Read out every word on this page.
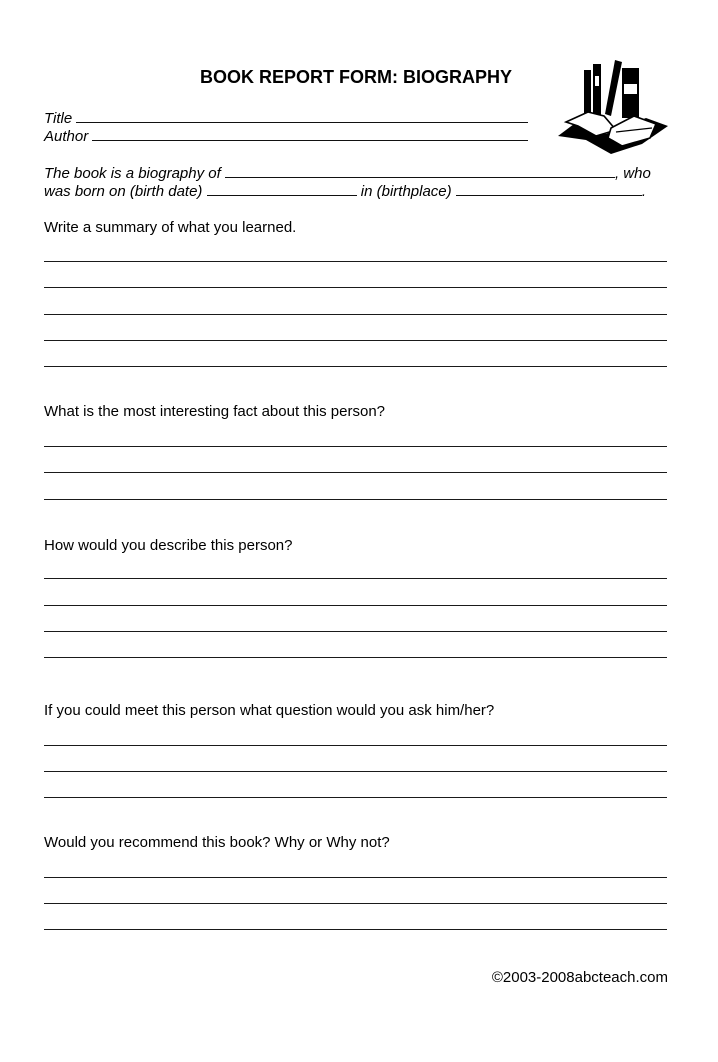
BOOK REPORT FORM: BIOGRAPHY
Title
Author
The book is a biography of	, who
was born on (birth date)	in (birthplace)	.
Write a summary of what you learned.
What is the most interesting fact about this person?
How would you describe this person?
If you could meet this person what question would you ask him/her?
Would you recommend this book? Why or Why not?
©2003-2008abcteach.com
